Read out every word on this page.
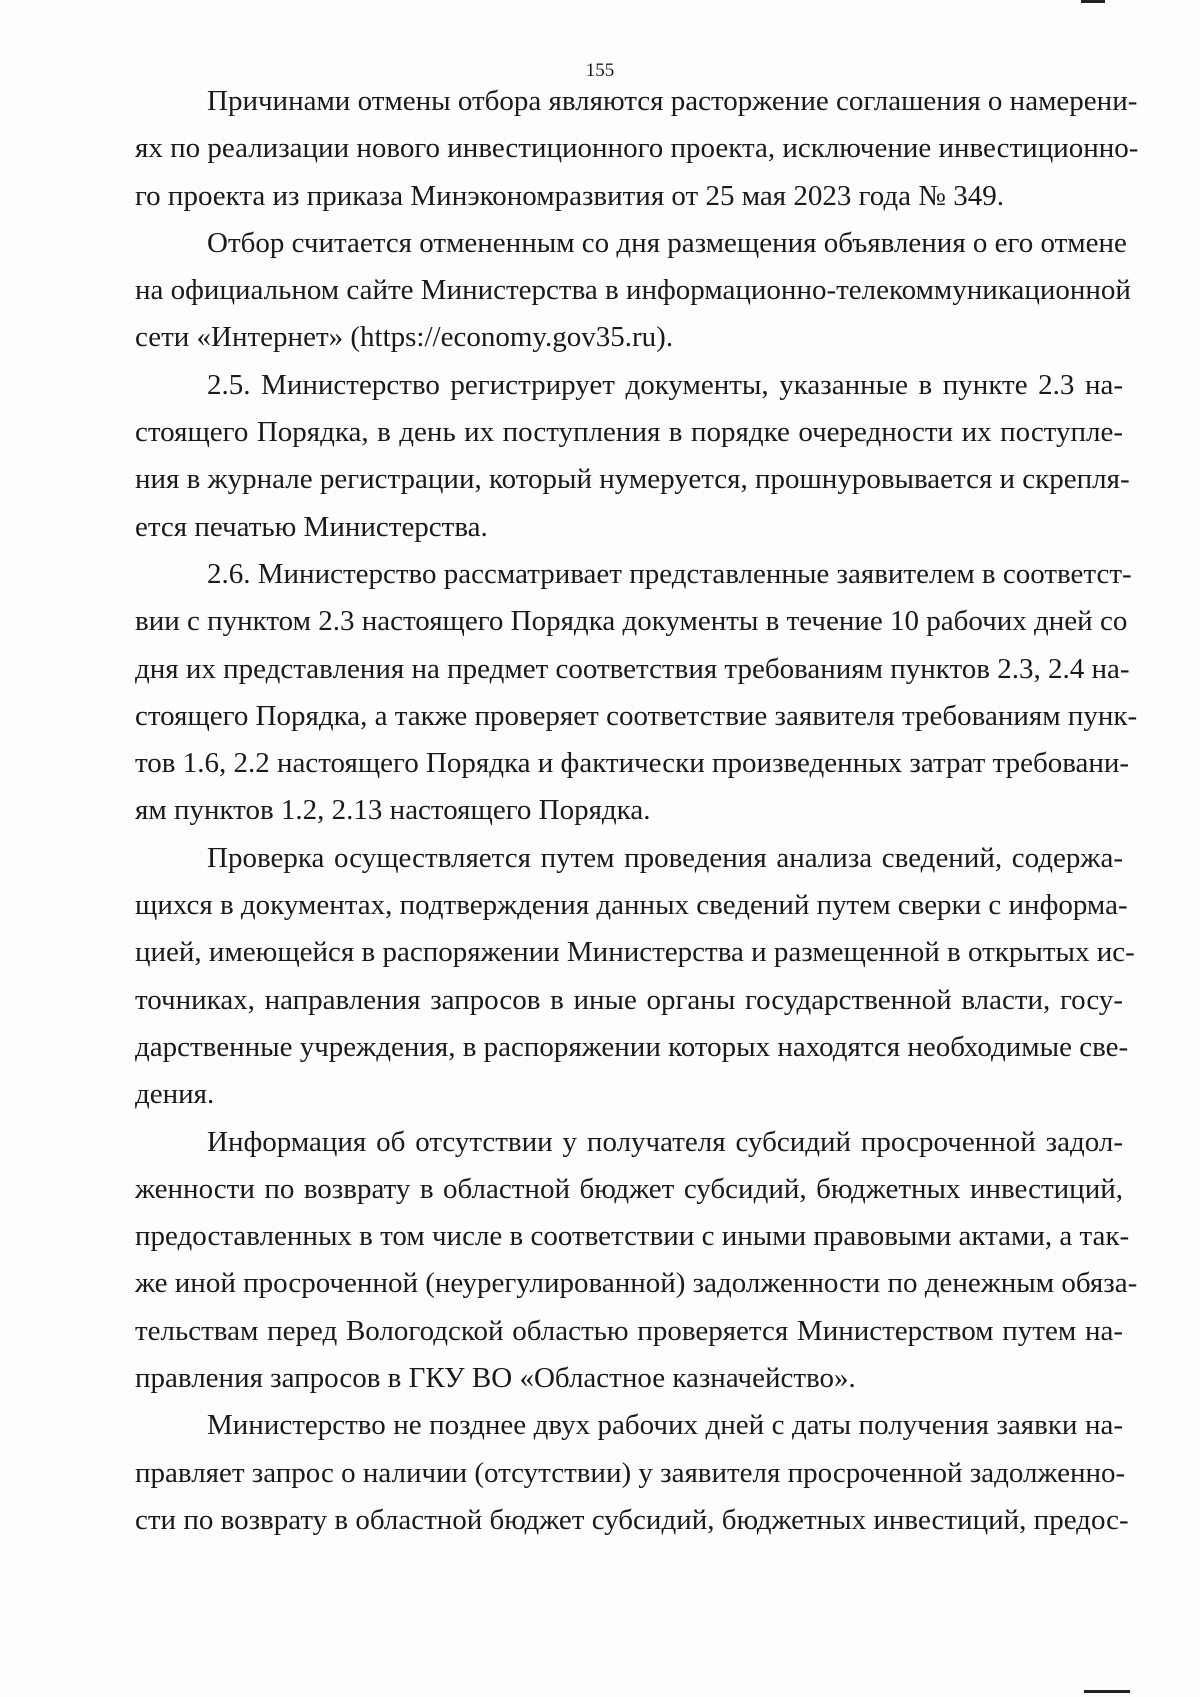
155

Причинами отмены отбора являются расторжение соглашения о намерени-
ях по реализации нового инвестиционного проекта, исключение инвестиционно-
го проекта из приказа Минэкономразвития от 25 мая 2023 года № 349.

Отбор считается отмененным со дня размещения объявления о его отмене
на официальном сайте Министерства в информационно-телекоммуникационной
сети «Интернет» (https://economy.gov35.ru).

2.5. Министерство регистрирует документы, указанные в пункте 2.3 на-
стоящего Порядка, в день их поступления в порядке очередности их поступле-
ния в журнале регистрации, который нумеруется, прошнуровывается и скрепля-
ется печатью Министерства.

2.6. Министерство рассматривает представленные заявителем в соответст-
вии с пунктом 2.3 настоящего Порядка документы в течение 10 рабочих дней со
дня их представления на предмет соответствия требованиям пунктов 2.3, 2.4 на-
стоящего Порядка, а также проверяет соответствие заявителя требованиям пунк-
тов 1.6, 2.2 настоящего Порядка и фактически произведенных затрат требовани-
ям пунктов 1.2, 2.13 настоящего Порядка.

Проверка осуществляется путем проведения анализа сведений, содержа-
щихся в документах, подтверждения данных сведений путем сверки с информа-
цией, имеющейся в распоряжении Министерства и размещенной в открытых ис-
точниках, направления запросов в иные органы государственной власти, госу-
дарственные учреждения, в распоряжении которых находятся необходимые све-
дения.

Информация об отсутствии у получателя субсидий просроченной задол-
женности по возврату в областной бюджет субсидий, бюджетных инвестиций,
предоставленных в том числе в соответствии с иными правовыми актами, а так-
же иной просроченной (неурегулированной) задолженности по денежным обяза-
тельствам перед Вологодской областью проверяется Министерством путем на-
правления запросов в ГКУ ВО «Областное казначейство».

Министерство не позднее двух рабочих дней с даты получения заявки на-
правляет запрос о наличии (отсутствии) у заявителя просроченной задолженно-
сти по возврату в областной бюджет субсидий, бюджетных инвестиций, предос-
